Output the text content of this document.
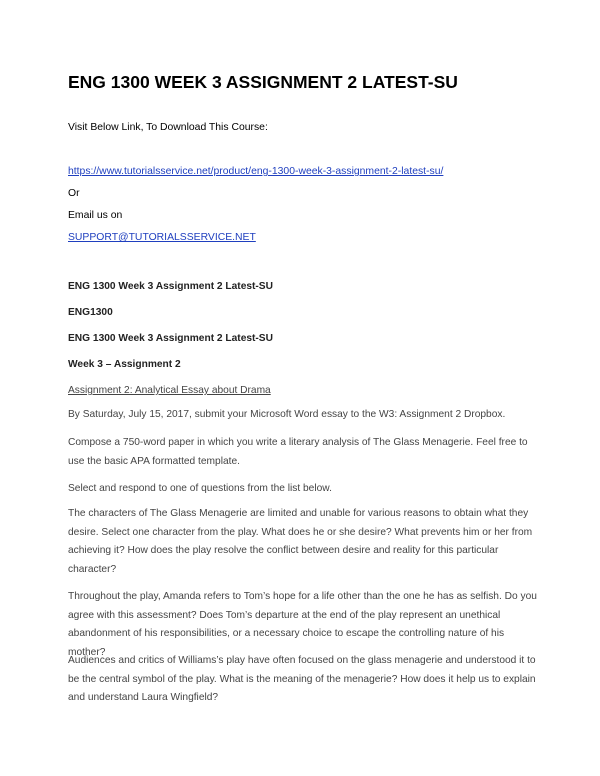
ENG 1300 WEEK 3 ASSIGNMENT 2 LATEST-SU
Visit Below Link, To Download This Course:
https://www.tutorialsservice.net/product/eng-1300-week-3-assignment-2-latest-su/
Or
Email us on
SUPPORT@TUTORIALSSERVICE.NET
ENG 1300 Week 3 Assignment 2 Latest-SU
ENG1300
ENG 1300 Week 3 Assignment 2 Latest-SU
Week 3 – Assignment 2
Assignment 2: Analytical Essay about Drama
By Saturday, July 15, 2017, submit your Microsoft Word essay to the W3: Assignment 2 Dropbox.
Compose a 750-word paper in which you write a literary analysis of The Glass Menagerie. Feel free to use the basic APA formatted template.
Select and respond to one of questions from the list below.
The characters of The Glass Menagerie are limited and unable for various reasons to obtain what they desire. Select one character from the play. What does he or she desire? What prevents him or her from achieving it? How does the play resolve the conflict between desire and reality for this particular character?
Throughout the play, Amanda refers to Tom’s hope for a life other than the one he has as selfish. Do you agree with this assessment? Does Tom’s departure at the end of the play represent an unethical abandonment of his responsibilities, or a necessary choice to escape the controlling nature of his mother?
Audiences and critics of Williams’s play have often focused on the glass menagerie and understood it to be the central symbol of the play. What is the meaning of the menagerie? How does it help us to explain and understand Laura Wingfield?
